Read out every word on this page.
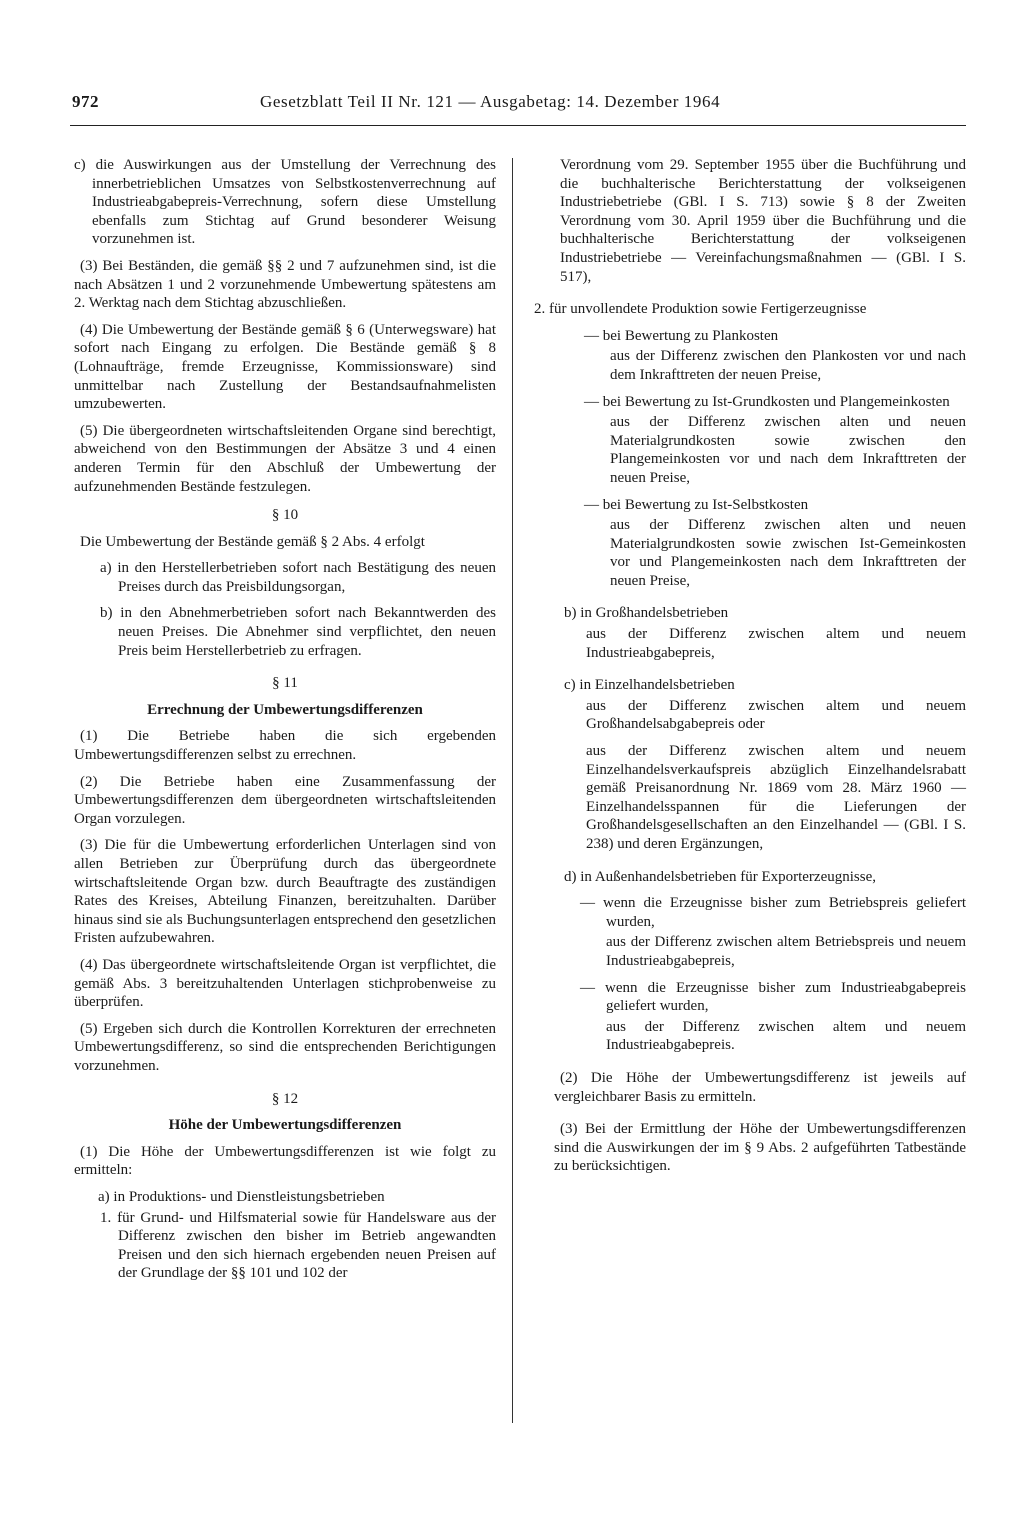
972	Gesetzblatt Teil II Nr. 121 — Ausgabetag: 14. Dezember 1964

c) die Auswirkungen aus der Umstellung der Verrechnung des innerbetrieblichen Umsatzes von Selbstkostenverrechnung auf Industrieabgabepreis-Verrechnung, sofern diese Umstellung ebenfalls zum Stichtag auf Grund besonderer Weisung vorzunehmen ist.

(3) Bei Beständen, die gemäß §§ 2 und 7 aufzunehmen sind, ist die nach Absätzen 1 und 2 vorzunehmende Umbewertung spätestens am 2. Werktag nach dem Stichtag abzuschließen.

(4) Die Umbewertung der Bestände gemäß § 6 (Unterwegsware) hat sofort nach Eingang zu erfolgen. Die Bestände gemäß § 8 (Lohnaufträge, fremde Erzeugnisse, Kommissionsware) sind unmittelbar nach Zustellung der Bestandsaufnahmelisten umzubewerten.

(5) Die übergeordneten wirtschaftsleitenden Organe sind berechtigt, abweichend von den Bestimmungen der Absätze 3 und 4 einen anderen Termin für den Abschluß der Umbewertung der aufzunehmenden Bestände festzulegen.

§ 10

Die Umbewertung der Bestände gemäß § 2 Abs. 4 erfolgt

a) in den Herstellerbetrieben sofort nach Bestätigung des neuen Preises durch das Preisbildungsorgan,

b) in den Abnehmerbetrieben sofort nach Bekanntwerden des neuen Preises. Die Abnehmer sind verpflichtet, den neuen Preis beim Herstellerbetrieb zu erfragen.

§ 11
Errechnung der Umbewertungsdifferenzen

(1) Die Betriebe haben die sich ergebenden Umbewertungsdifferenzen selbst zu errechnen.

(2) Die Betriebe haben eine Zusammenfassung der Umbewertungsdifferenzen dem übergeordneten wirtschaftsleitenden Organ vorzulegen.

(3) Die für die Umbewertung erforderlichen Unterlagen sind von allen Betrieben zur Überprüfung durch das übergeordnete wirtschaftsleitende Organ bzw. durch Beauftragte des zuständigen Rates des Kreises, Abteilung Finanzen, bereitzuhalten. Darüber hinaus sind sie als Buchungsunterlagen entsprechend den gesetzlichen Fristen aufzubewahren.

(4) Das übergeordnete wirtschaftsleitende Organ ist verpflichtet, die gemäß Abs. 3 bereitzuhaltenden Unterlagen stichprobenweise zu überprüfen.

(5) Ergeben sich durch die Kontrollen Korrekturen der errechneten Umbewertungsdifferenz, so sind die entsprechenden Berichtigungen vorzunehmen.

§ 12
Höhe der Umbewertungsdifferenzen

(1) Die Höhe der Umbewertungsdifferenzen ist wie folgt zu ermitteln:

a) in Produktions- und Dienstleistungsbetrieben

1. für Grund- und Hilfsmaterial sowie für Handelsware aus der Differenz zwischen den bisher im Betrieb angewandten Preisen und den sich hiernach ergebenden neuen Preisen auf der Grundlage der §§ 101 und 102 der

Verordnung vom 29. September 1955 über die Buchführung und die buchhalterische Berichterstattung der volkseigenen Industriebetriebe (GBl. I S. 713) sowie § 8 der Zweiten Verordnung vom 30. April 1959 über die Buchführung und die buchhalterische Berichterstattung der volkseigenen Industriebetriebe — Vereinfachungsmaßnahmen — (GBl. I S. 517),

2. für unvollendete Produktion sowie Fertigerzeugnisse

— bei Bewertung zu Plankosten

aus der Differenz zwischen den Plankosten vor und nach dem Inkrafttreten der neuen Preise,

— bei Bewertung zu Ist-Grundkosten und Plangemeinkosten

aus der Differenz zwischen alten und neuen Materialgrundkosten sowie zwischen den Plangemeinkosten vor und nach dem Inkrafttreten der neuen Preise,

— bei Bewertung zu Ist-Selbstkosten

aus der Differenz zwischen alten und neuen Materialgrundkosten sowie zwischen Ist-Gemeinkosten vor und Plangemeinkosten nach dem Inkrafttreten der neuen Preise,

b) in Großhandelsbetrieben

aus der Differenz zwischen altem und neuem Industrieabgabepreis,

c) in Einzelhandelsbetrieben

aus der Differenz zwischen altem und neuem Großhandelsabgabepreis oder

aus der Differenz zwischen altem und neuem Einzelhandelsverkaufspreis abzüglich Einzelhandelsrabatt gemäß Preisanordnung Nr. 1869 vom 28. März 1960 — Einzelhandelsspannen für die Lieferungen der Großhandelsgesellschaften an den Einzelhandel — (GBl. I S. 238) und deren Ergänzungen,

d) in Außenhandelsbetrieben für Exporterzeugnisse,

— wenn die Erzeugnisse bisher zum Betriebspreis geliefert wurden,

aus der Differenz zwischen altem Betriebspreis und neuem Industrieabgabepreis,

— wenn die Erzeugnisse bisher zum Industrieabgabepreis geliefert wurden,

aus der Differenz zwischen altem und neuem Industrieabgabepreis.

(2) Die Höhe der Umbewertungsdifferenz ist jeweils auf vergleichbarer Basis zu ermitteln.

(3) Bei der Ermittlung der Höhe der Umbewertungsdifferenzen sind die Auswirkungen der im § 9 Abs. 2 aufgeführten Tatbestände zu berücksichtigen.
